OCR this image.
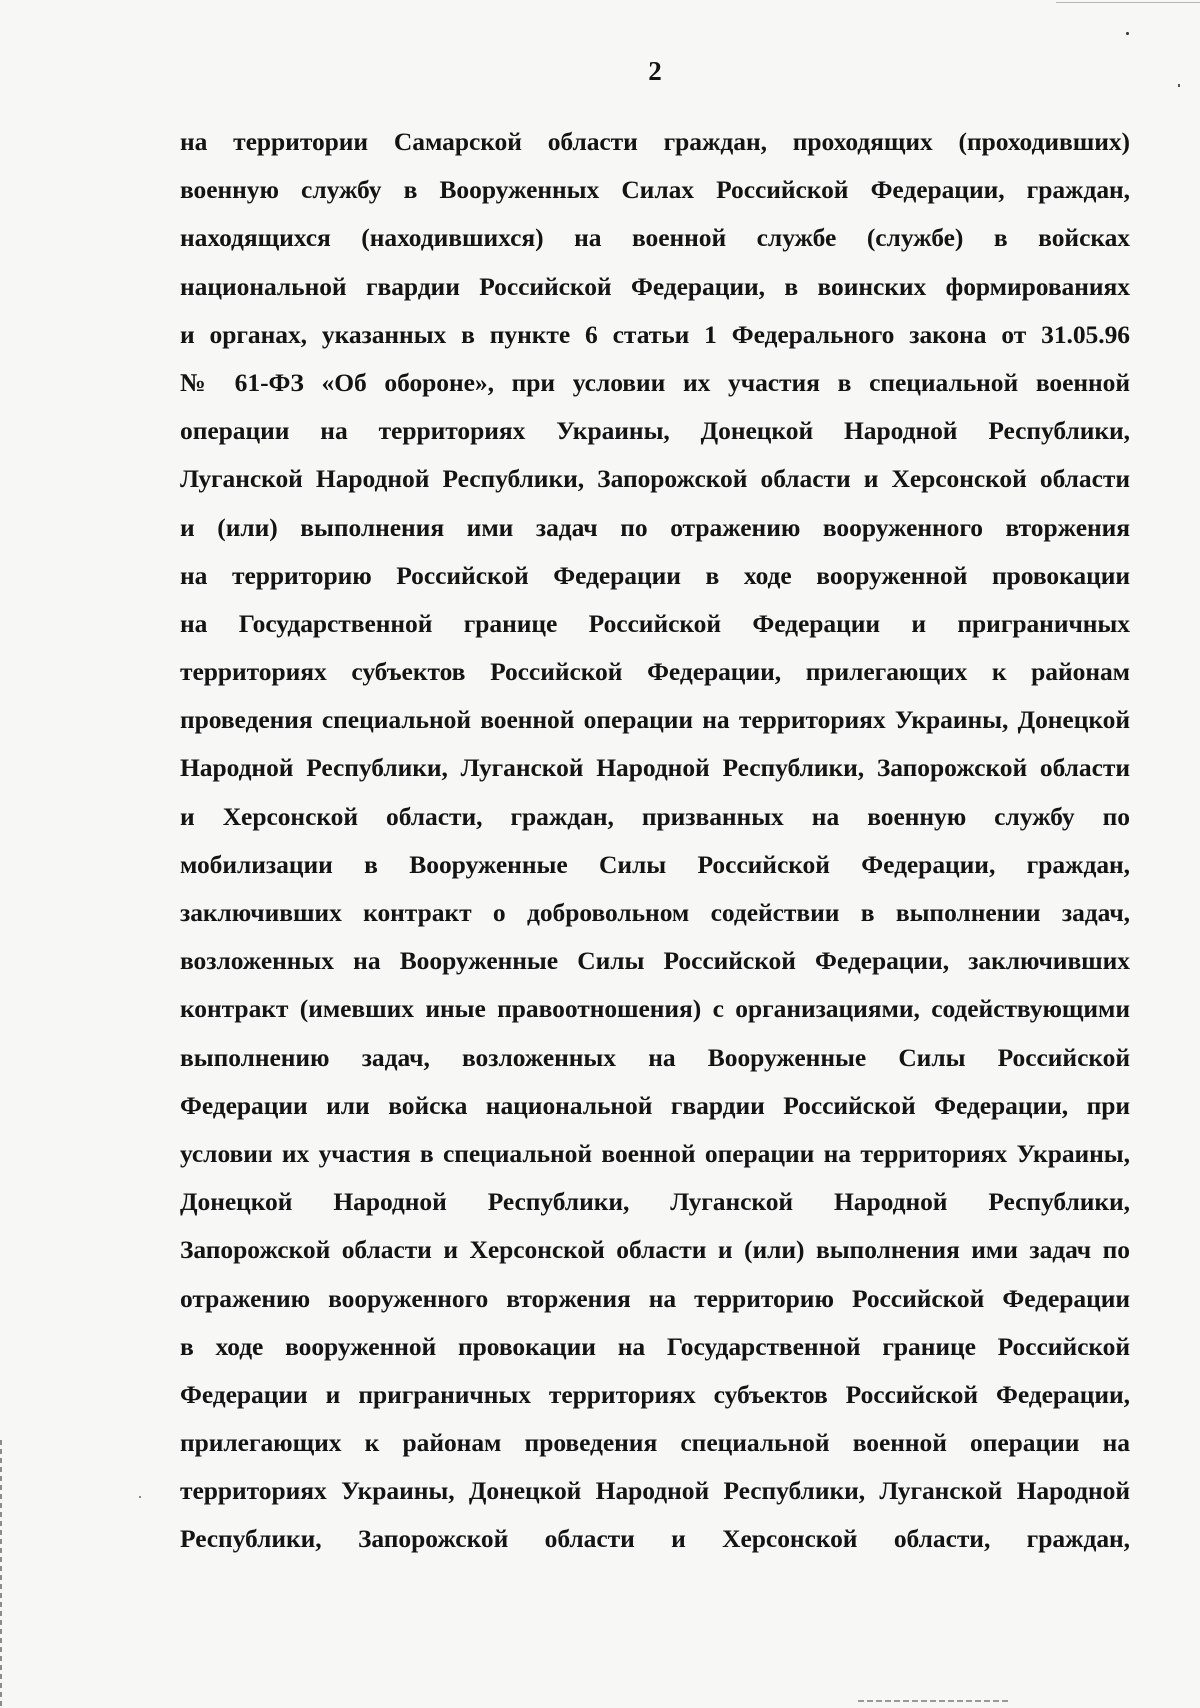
2
на территории Самарской области граждан, проходящих (проходивших)
военную службу в Вооруженных Силах Российской Федерации, граждан,
находящихся (находившихся) на военной службе (службе) в войсках
национальной гвардии Российской Федерации, в воинских формированиях
и органах, указанных в пункте 6 статьи 1 Федерального закона от 31.05.96
№ 61-ФЗ «Об обороне», при условии их участия в специальной военной
операции на территориях Украины, Донецкой Народной Республики,
Луганской Народной Республики, Запорожской области и Херсонской области
и (или) выполнения ими задач по отражению вооруженного вторжения
на территорию Российской Федерации в ходе вооруженной провокации
на Государственной границе Российской Федерации и приграничных
территориях субъектов Российской Федерации, прилегающих к районам
проведения специальной военной операции на территориях Украины, Донецкой
Народной Республики, Луганской Народной Республики, Запорожской области
и Херсонской области, граждан, призванных на военную службу по
мобилизации в Вооруженные Силы Российской Федерации, граждан,
заключивших контракт о добровольном содействии в выполнении задач,
возложенных на Вооруженные Силы Российской Федерации, заключивших
контракт (имевших иные правоотношения) с организациями, содействующими
выполнению задач, возложенных на Вооруженные Силы Российской
Федерации или войска национальной гвардии Российской Федерации, при
условии их участия в специальной военной операции на территориях Украины,
Донецкой Народной Республики, Луганской Народной Республики,
Запорожской области и Херсонской области и (или) выполнения ими задач по
отражению вооруженного вторжения на территорию Российской Федерации
в ходе вооруженной провокации на Государственной границе Российской
Федерации и приграничных территориях субъектов Российской Федерации,
прилегающих к районам проведения специальной военной операции на
территориях Украины, Донецкой Народной Республики, Луганской Народной
Республики, Запорожской области и Херсонской области, граждан,
